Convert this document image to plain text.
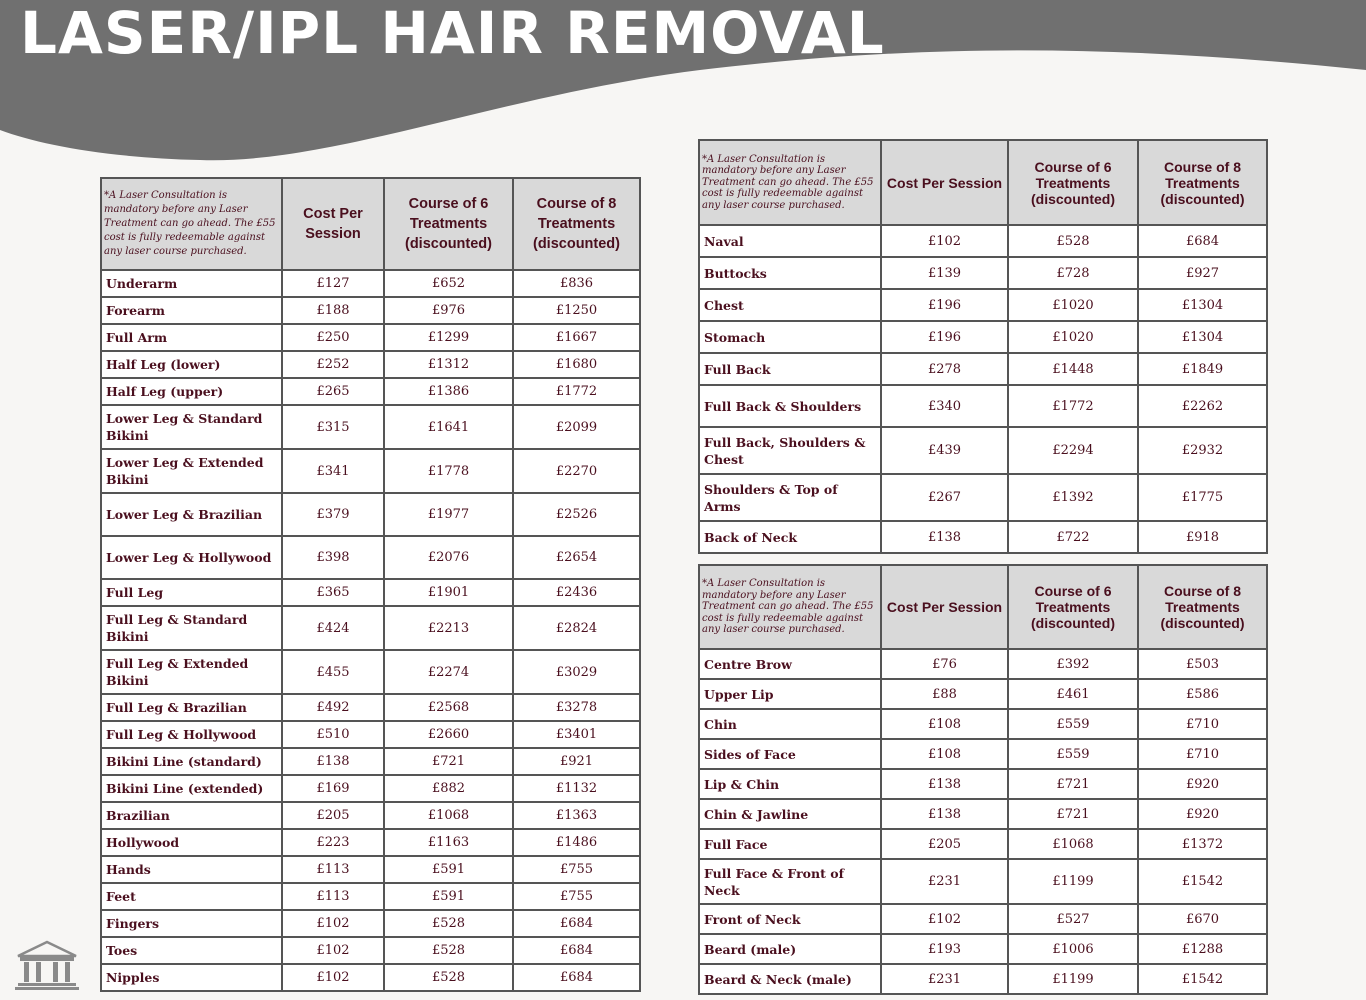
LASER/IPL HAIR REMOVAL
*A Laser Consultation is mandatory before any Laser Treatment can go ahead. The £55 cost is fully redeemable against any laser course purchased.	Cost Per Session	Course of 6 Treatments (discounted)	Course of 8 Treatments (discounted)
Underarm	£127	£652	£836
Forearm	£188	£976	£1250
Full Arm	£250	£1299	£1667
Half Leg (lower)	£252	£1312	£1680
Half Leg (upper)	£265	£1386	£1772
Lower Leg & Standard Bikini	£315	£1641	£2099
Lower Leg & Extended Bikini	£341	£1778	£2270
Lower Leg & Brazilian	£379	£1977	£2526
Lower Leg & Hollywood	£398	£2076	£2654
Full Leg	£365	£1901	£2436
Full Leg & Standard Bikini	£424	£2213	£2824
Full Leg & Extended Bikini	£455	£2274	£3029
Full Leg & Brazilian	£492	£2568	£3278
Full Leg & Hollywood	£510	£2660	£3401
Bikini Line (standard)	£138	£721	£921
Bikini Line (extended)	£169	£882	£1132
Brazilian	£205	£1068	£1363
Hollywood	£223	£1163	£1486
Hands	£113	£591	£755
Feet	£113	£591	£755
Fingers	£102	£528	£684
Toes	£102	£528	£684
Nipples	£102	£528	£684
*A Laser Consultation is mandatory before any Laser Treatment can go ahead. The £55 cost is fully redeemable against any laser course purchased.	Cost Per Session	Course of 6 Treatments (discounted)	Course of 8 Treatments (discounted)
Naval	£102	£528	£684
Buttocks	£139	£728	£927
Chest	£196	£1020	£1304
Stomach	£196	£1020	£1304
Full Back	£278	£1448	£1849
Full Back & Shoulders	£340	£1772	£2262
Full Back, Shoulders & Chest	£439	£2294	£2932
Shoulders & Top of Arms	£267	£1392	£1775
Back of Neck	£138	£722	£918
*A Laser Consultation is mandatory before any Laser Treatment can go ahead. The £55 cost is fully redeemable against any laser course purchased.	Cost Per Session	Course of 6 Treatments (discounted)	Course of 8 Treatments (discounted)
Centre Brow	£76	£392	£503
Upper Lip	£88	£461	£586
Chin	£108	£559	£710
Sides of Face	£108	£559	£710
Lip & Chin	£138	£721	£920
Chin & Jawline	£138	£721	£920
Full Face	£205	£1068	£1372
Full Face & Front of Neck	£231	£1199	£1542
Front of Neck	£102	£527	£670
Beard (male)	£193	£1006	£1288
Beard & Neck (male)	£231	£1199	£1542
